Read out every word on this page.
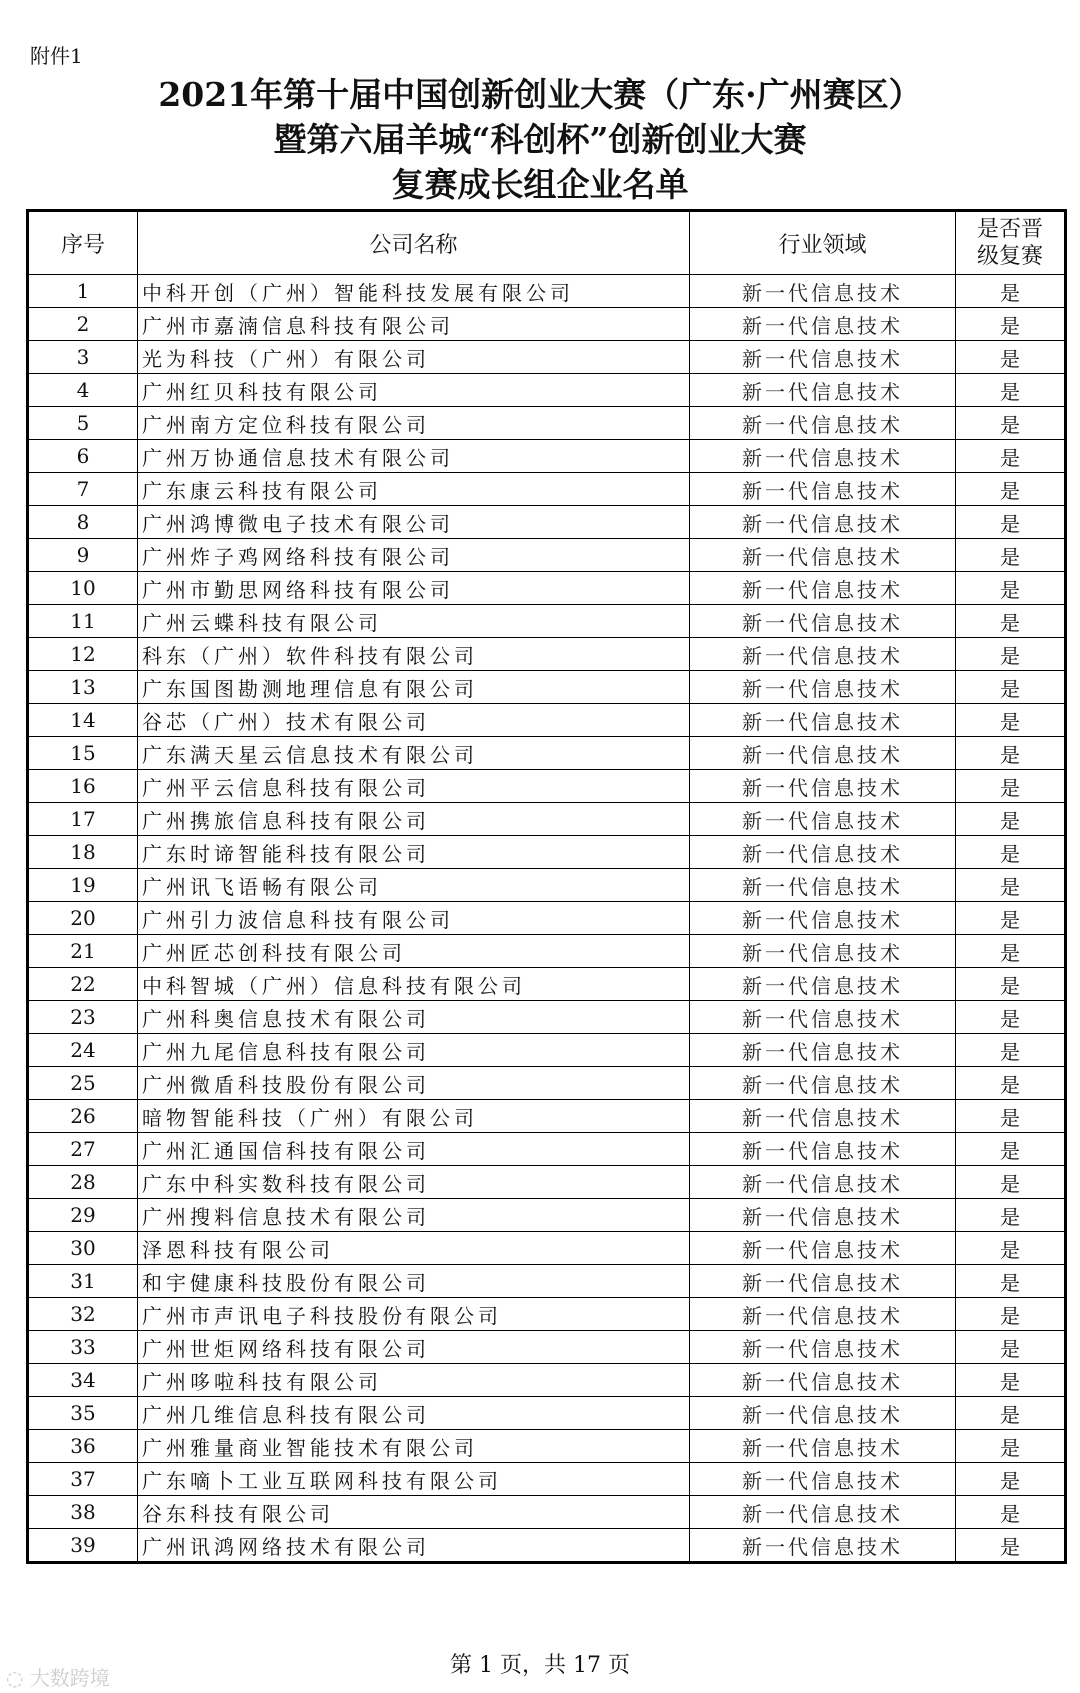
附件1
2021年第十届中国创新创业大赛（广东·广州赛区）
暨第六届羊城“科创杯”创新创业大赛
复赛成长组企业名单
序号	公司名称	行业领域	是否晋级复赛
1	中科开创（广州）智能科技发展有限公司	新一代信息技术	是
2	广州市嘉湳信息科技有限公司	新一代信息技术	是
3	光为科技（广州）有限公司	新一代信息技术	是
4	广州红贝科技有限公司	新一代信息技术	是
5	广州南方定位科技有限公司	新一代信息技术	是
6	广州万协通信息技术有限公司	新一代信息技术	是
7	广东康云科技有限公司	新一代信息技术	是
8	广州鸿博微电子技术有限公司	新一代信息技术	是
9	广州炸子鸡网络科技有限公司	新一代信息技术	是
10	广州市勤思网络科技有限公司	新一代信息技术	是
11	广州云蝶科技有限公司	新一代信息技术	是
12	科东（广州）软件科技有限公司	新一代信息技术	是
13	广东国图勘测地理信息有限公司	新一代信息技术	是
14	谷芯（广州）技术有限公司	新一代信息技术	是
15	广东满天星云信息技术有限公司	新一代信息技术	是
16	广州平云信息科技有限公司	新一代信息技术	是
17	广州携旅信息科技有限公司	新一代信息技术	是
18	广东时谛智能科技有限公司	新一代信息技术	是
19	广州讯飞语畅有限公司	新一代信息技术	是
20	广州引力波信息科技有限公司	新一代信息技术	是
21	广州匠芯创科技有限公司	新一代信息技术	是
22	中科智城（广州）信息科技有限公司	新一代信息技术	是
23	广州科奥信息技术有限公司	新一代信息技术	是
24	广州九尾信息科技有限公司	新一代信息技术	是
25	广州微盾科技股份有限公司	新一代信息技术	是
26	暗物智能科技（广州）有限公司	新一代信息技术	是
27	广州汇通国信科技有限公司	新一代信息技术	是
28	广东中科实数科技有限公司	新一代信息技术	是
29	广州搜料信息技术有限公司	新一代信息技术	是
30	泽恩科技有限公司	新一代信息技术	是
31	和宇健康科技股份有限公司	新一代信息技术	是
32	广州市声讯电子科技股份有限公司	新一代信息技术	是
33	广州世炬网络科技有限公司	新一代信息技术	是
34	广州哆啦科技有限公司	新一代信息技术	是
35	广州几维信息科技有限公司	新一代信息技术	是
36	广州雅量商业智能技术有限公司	新一代信息技术	是
37	广东嘀卜工业互联网科技有限公司	新一代信息技术	是
38	谷东科技有限公司	新一代信息技术	是
39	广州讯鸿网络技术有限公司	新一代信息技术	是
第 1 页，共 17 页
◌ 大数跨境
